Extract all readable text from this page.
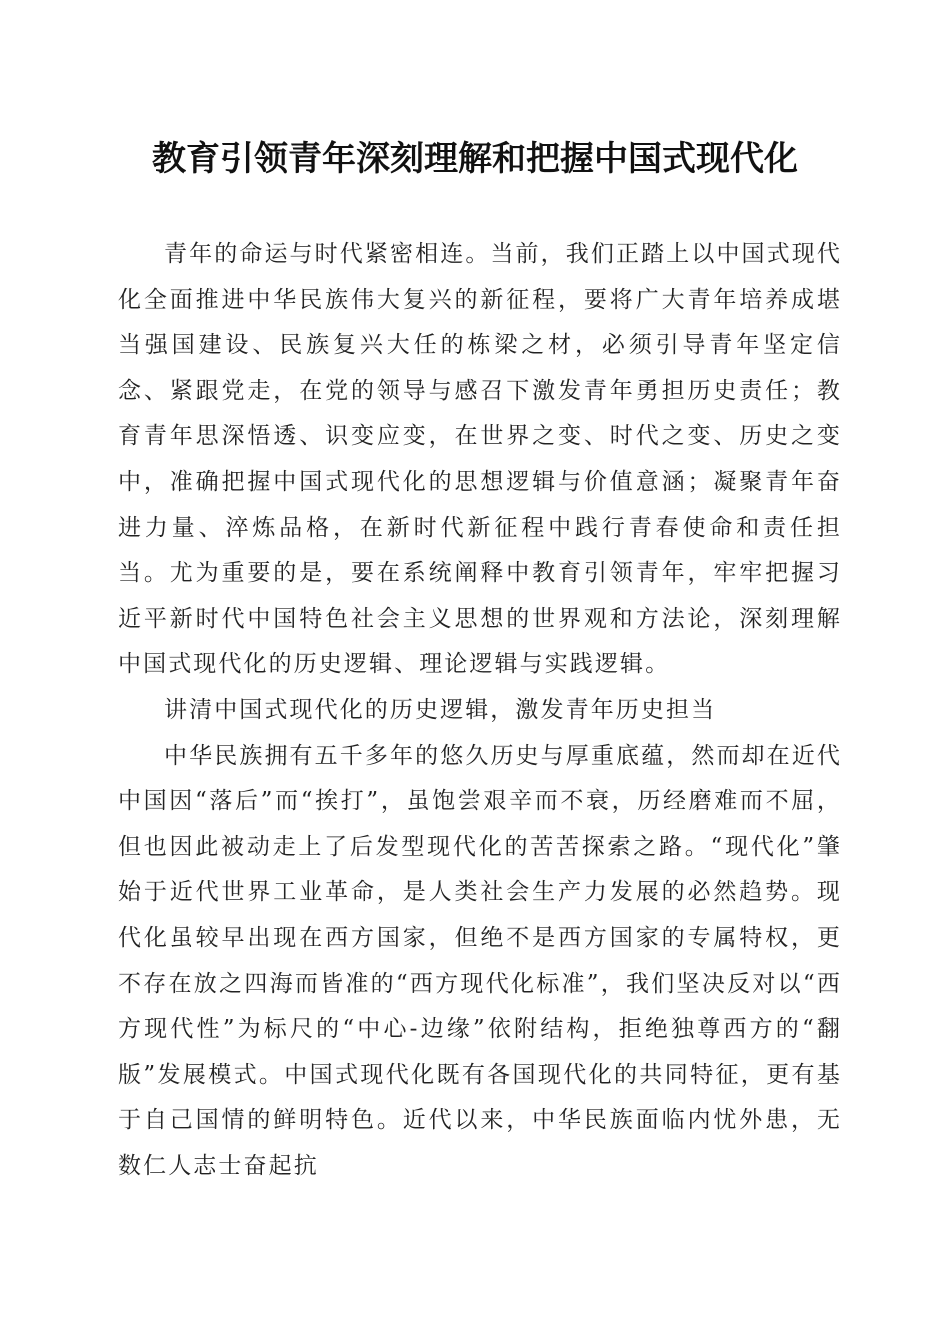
教育引领青年深刻理解和把握中国式现代化

青年的命运与时代紧密相连。当前，我们正踏上以中国式现代化全面推进中华民族伟大复兴的新征程，要将广大青年培养成堪当强国建设、民族复兴大任的栋梁之材，必须引导青年坚定信念、紧跟党走，在党的领导与感召下激发青年勇担历史责任；教育青年思深悟透、识变应变，在世界之变、时代之变、历史之变中，准确把握中国式现代化的思想逻辑与价值意涵；凝聚青年奋进力量、淬炼品格，在新时代新征程中践行青春使命和责任担当。尤为重要的是，要在系统阐释中教育引领青年，牢牢把握习近平新时代中国特色社会主义思想的世界观和方法论，深刻理解中国式现代化的历史逻辑、理论逻辑与实践逻辑。

讲清中国式现代化的历史逻辑，激发青年历史担当

中华民族拥有五千多年的悠久历史与厚重底蕴，然而却在近代中国因“落后”而“挨打”，虽饱尝艰辛而不衰，历经磨难而不屈，但也因此被动走上了后发型现代化的苦苦探索之路。“现代化”肇始于近代世界工业革命，是人类社会生产力发展的必然趋势。现代化虽较早出现在西方国家，但绝不是西方国家的专属特权，更不存在放之四海而皆准的“西方现代化标准”，我们坚决反对以“西方现代性”为标尺的“中心-边缘”依附结构，拒绝独尊西方的“翻版”发展模式。中国式现代化既有各国现代化的共同特征，更有基于自己国情的鲜明特色。近代以来，中华民族面临内忧外患，无数仁人志士奋起抗
